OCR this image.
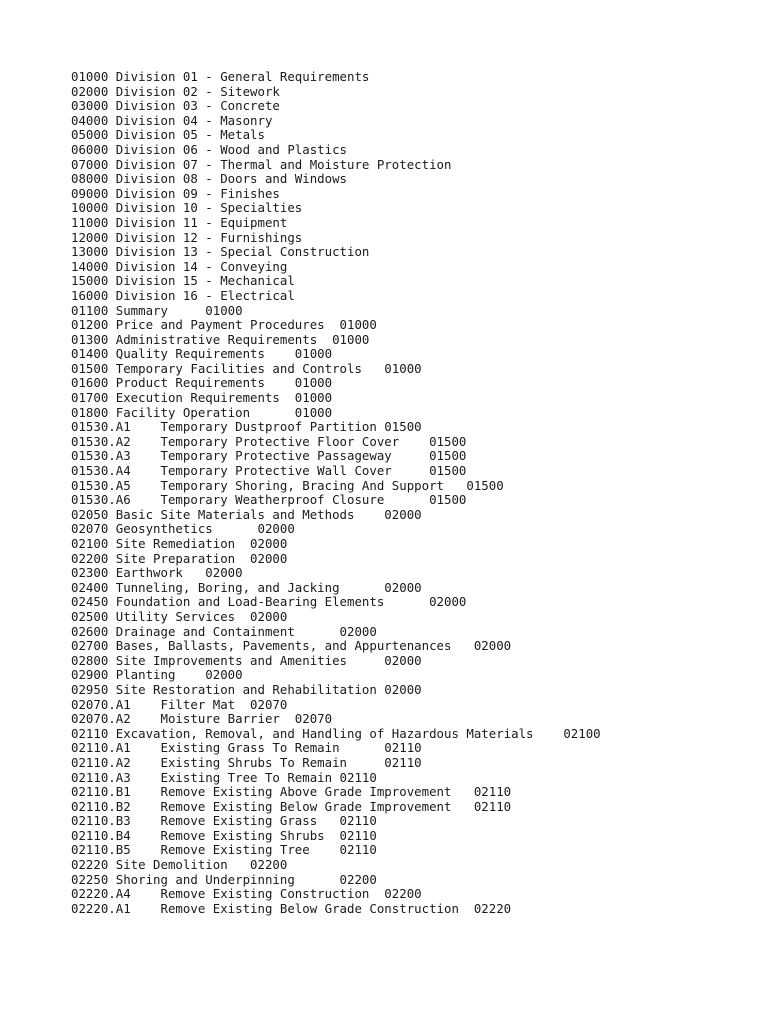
01000 Division 01 - General Requirements
02000 Division 02 - Sitework
03000 Division 03 - Concrete
04000 Division 04 - Masonry
05000 Division 05 - Metals
06000 Division 06 - Wood and Plastics
07000 Division 07 - Thermal and Moisture Protection
08000 Division 08 - Doors and Windows
09000 Division 09 - Finishes
10000 Division 10 - Specialties
11000 Division 11 - Equipment
12000 Division 12 - Furnishings
13000 Division 13 - Special Construction
14000 Division 14 - Conveying
15000 Division 15 - Mechanical
16000 Division 16 - Electrical
01100 Summary     01000
01200 Price and Payment Procedures  01000
01300 Administrative Requirements  01000
01400 Quality Requirements    01000
01500 Temporary Facilities and Controls   01000
01600 Product Requirements    01000
01700 Execution Requirements  01000
01800 Facility Operation      01000
01530.A1    Temporary Dustproof Partition 01500
01530.A2    Temporary Protective Floor Cover    01500
01530.A3    Temporary Protective Passageway     01500
01530.A4    Temporary Protective Wall Cover     01500
01530.A5    Temporary Shoring, Bracing And Support   01500
01530.A6    Temporary Weatherproof Closure      01500
02050 Basic Site Materials and Methods    02000
02070 Geosynthetics      02000
02100 Site Remediation  02000
02200 Site Preparation  02000
02300 Earthwork   02000
02400 Tunneling, Boring, and Jacking      02000
02450 Foundation and Load-Bearing Elements      02000
02500 Utility Services  02000
02600 Drainage and Containment      02000
02700 Bases, Ballasts, Pavements, and Appurtenances   02000
02800 Site Improvements and Amenities     02000
02900 Planting    02000
02950 Site Restoration and Rehabilitation 02000
02070.A1    Filter Mat  02070
02070.A2    Moisture Barrier  02070
02110 Excavation, Removal, and Handling of Hazardous Materials    02100
02110.A1    Existing Grass To Remain      02110
02110.A2    Existing Shrubs To Remain     02110
02110.A3    Existing Tree To Remain 02110
02110.B1    Remove Existing Above Grade Improvement   02110
02110.B2    Remove Existing Below Grade Improvement   02110
02110.B3    Remove Existing Grass   02110
02110.B4    Remove Existing Shrubs  02110
02110.B5    Remove Existing Tree    02110
02220 Site Demolition   02200
02250 Shoring and Underpinning      02200
02220.A4    Remove Existing Construction  02200
02220.A1    Remove Existing Below Grade Construction  02220
